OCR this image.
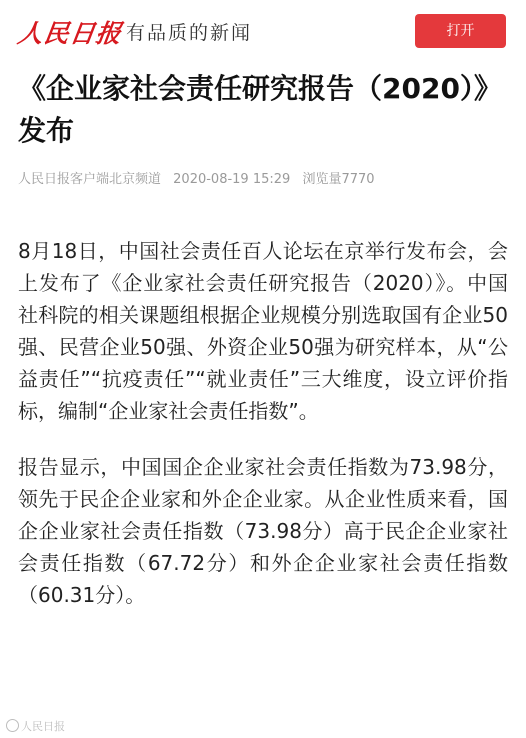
人民日报 有品质的新闻	打开
《企业家社会责任研究报告（2020）》发布
人民日报客户端北京频道 2020-08-19 15:29 浏览量7770

8月18日，中国社会责任百人论坛在京举行发布会，会上发布了《企业家社会责任研究报告（2020）》。中国社科院的相关课题组根据企业规模分别选取国有企业50强、民营企业50强、外资企业50强为研究样本，从“公益责任”“抗疫责任”“就业责任”三大维度，设立评价指标，编制“企业家社会责任指数”。

报告显示，中国国企企业家社会责任指数为73.98分，领先于民企企业家和外企企业家。从企业性质来看，国企企业家社会责任指数（73.98分）高于民企企业家社会责任指数（67.72分）和外企企业家社会责任指数（60.31分）。

人民日报
